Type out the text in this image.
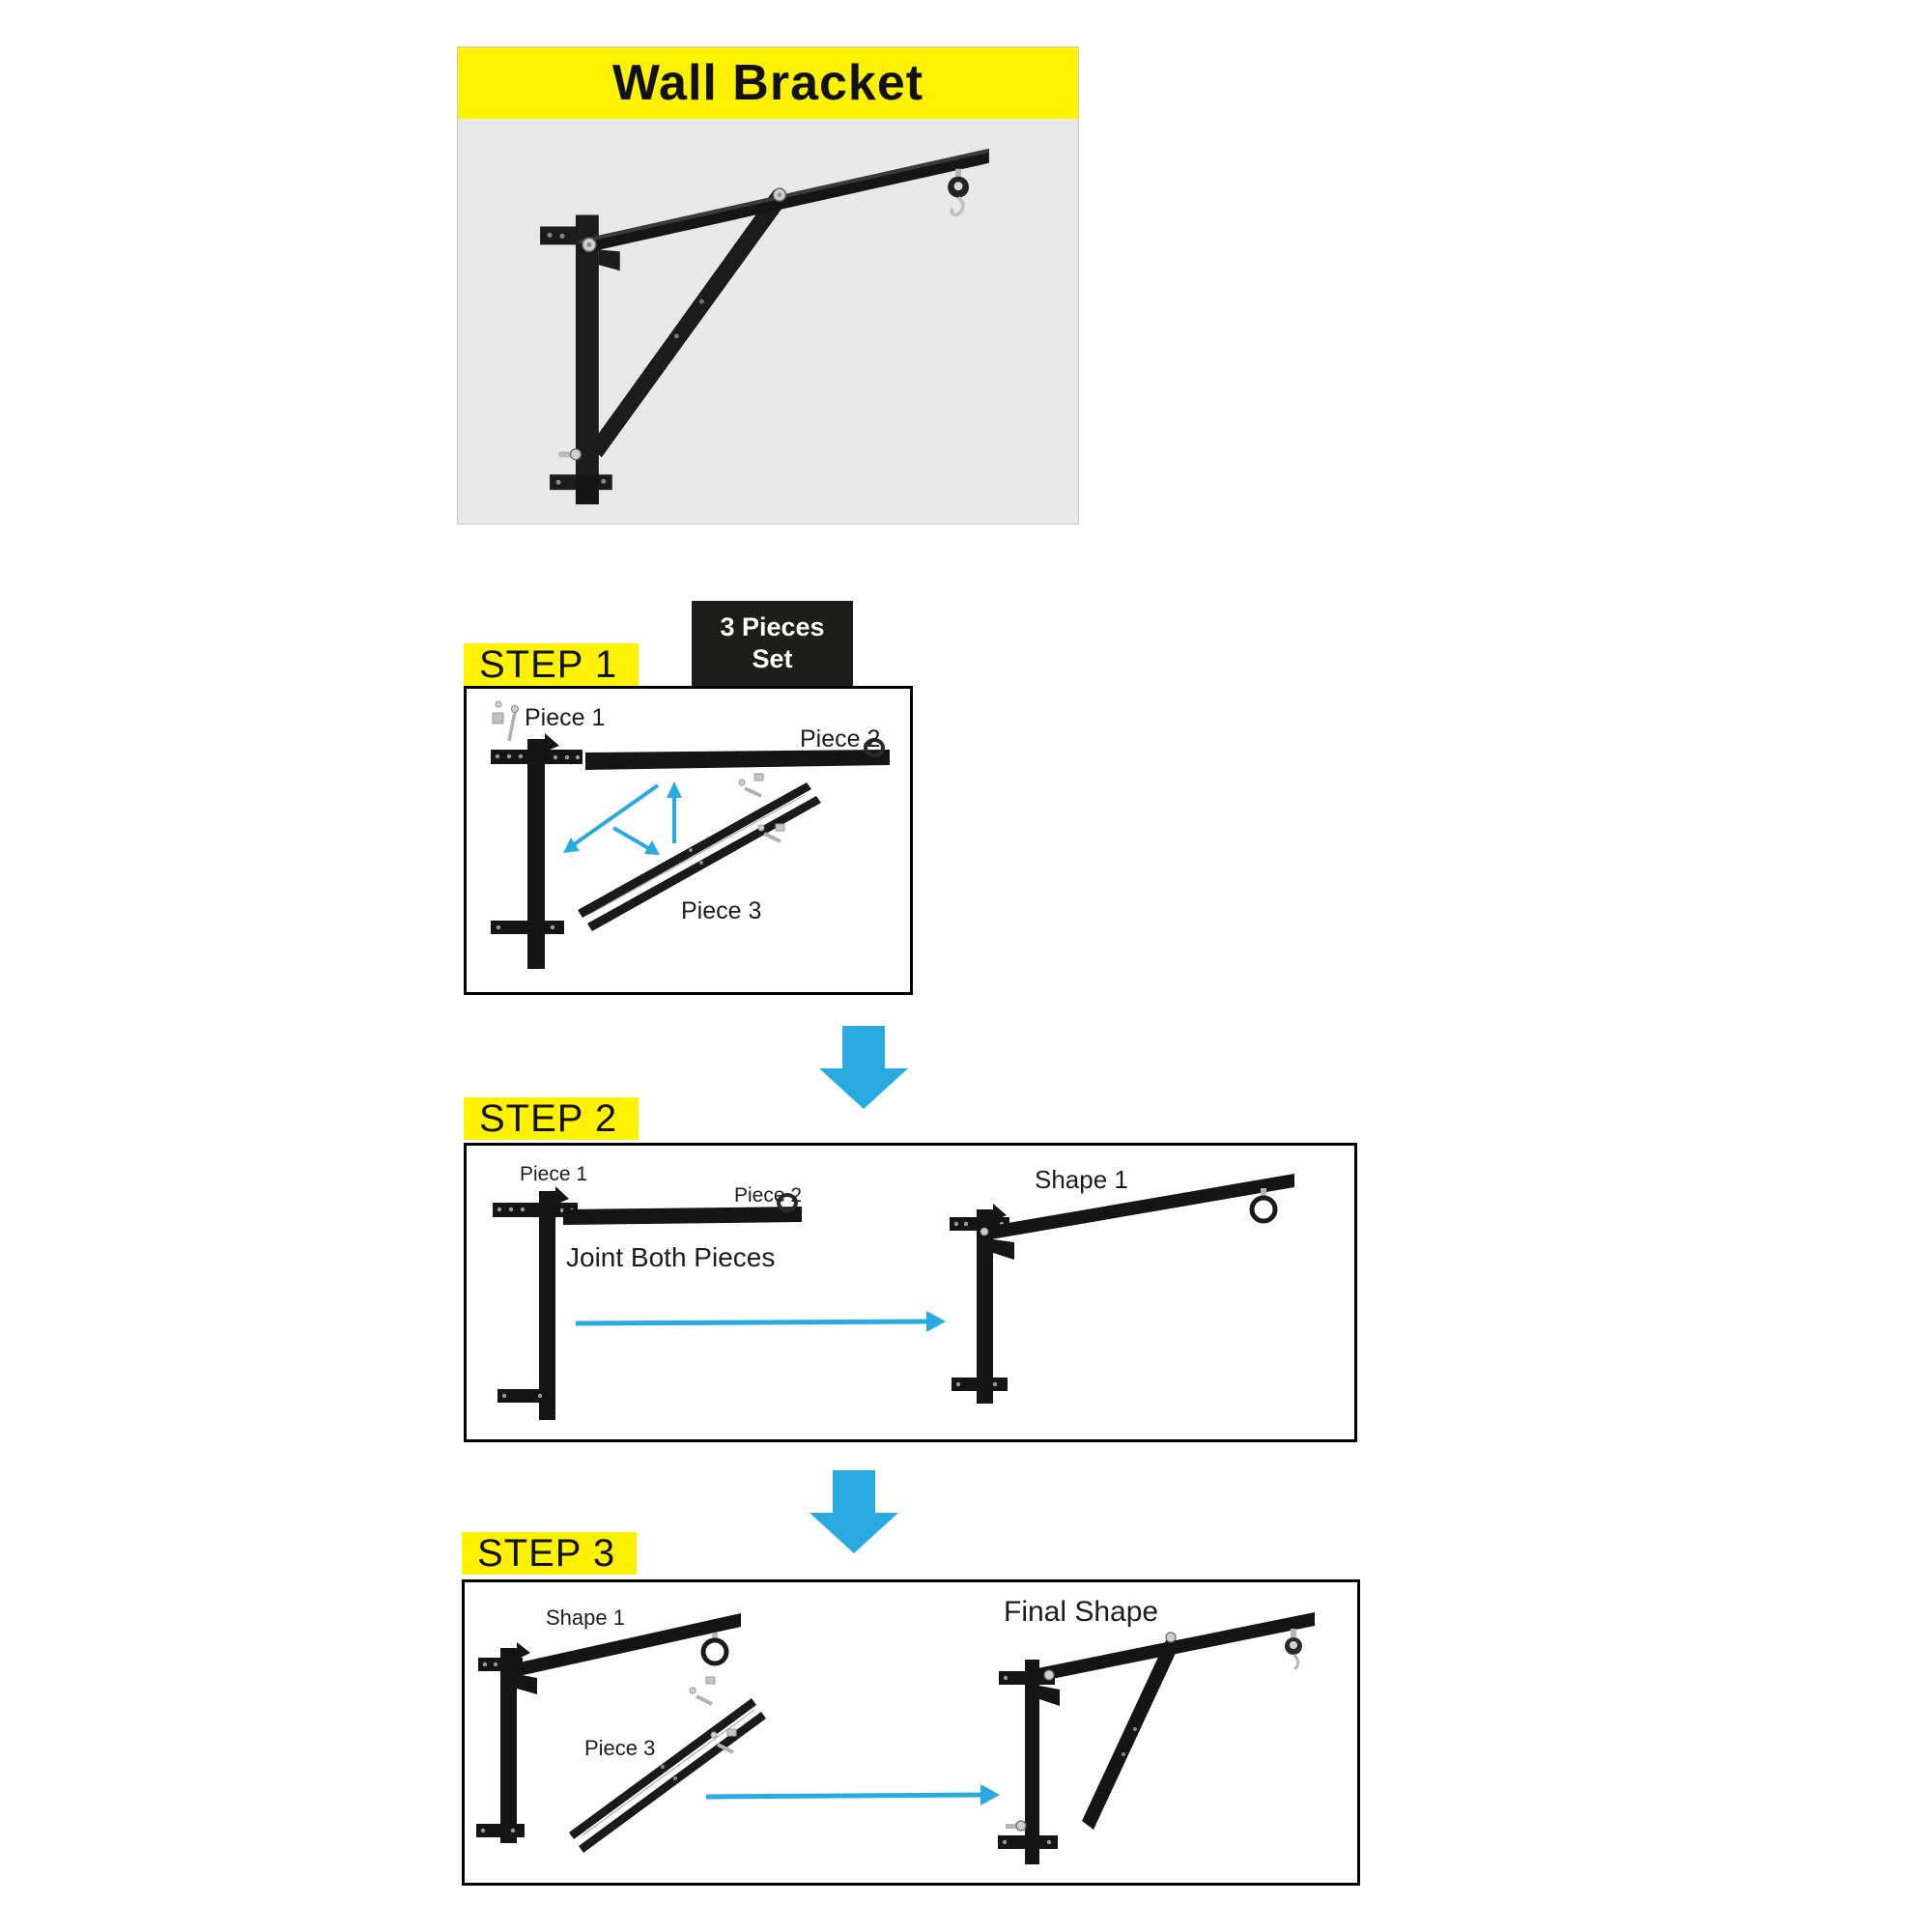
Wall Bracket
3 Pieces
Set
STEP 1
Piece 1
Piece 2
Piece 3
STEP 2
Piece 1
Piece 2
Shape 1
Joint Both Pieces
STEP 3
Shape 1	Final Shape
Piece 3
